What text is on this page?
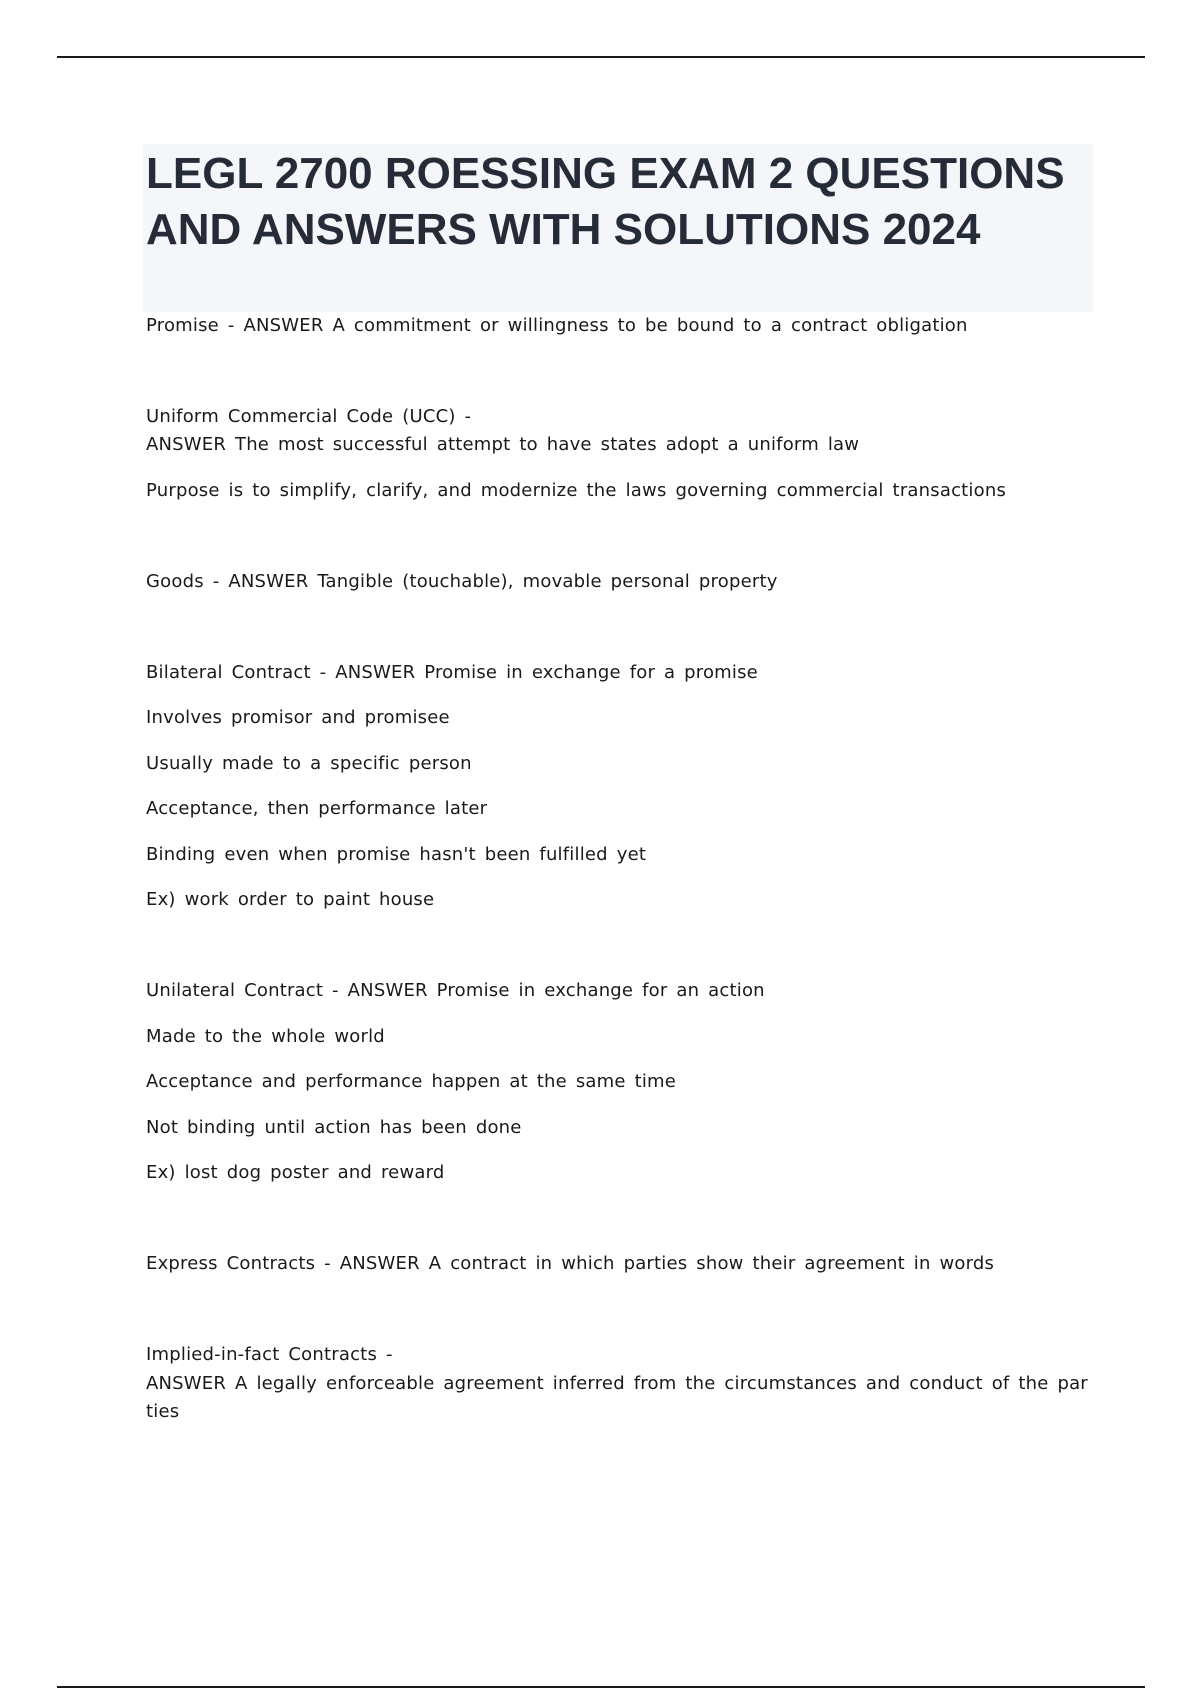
LEGL 2700 ROESSING EXAM 2 QUESTIONS AND ANSWERS WITH SOLUTIONS 2024

Promise - ANSWER A commitment or willingness to be bound to a contract obligation

Uniform Commercial Code (UCC) -

ANSWER The most successful attempt to have states adopt a uniform law

Purpose is to simplify, clarify, and modernize the laws governing commercial transactions

Goods - ANSWER Tangible (touchable), movable personal property

Bilateral Contract - ANSWER Promise in exchange for a promise

Involves promisor and promisee

Usually made to a specific person

Acceptance, then performance later

Binding even when promise hasn't been fulfilled yet

Ex) work order to paint house

Unilateral Contract - ANSWER Promise in exchange for an action

Made to the whole world

Acceptance and performance happen at the same time

Not binding until action has been done

Ex) lost dog poster and reward

Express Contracts - ANSWER A contract in which parties show their agreement in words

Implied-in-fact Contracts -

ANSWER A legally enforceable agreement inferred from the circumstances and conduct of the par

ties
